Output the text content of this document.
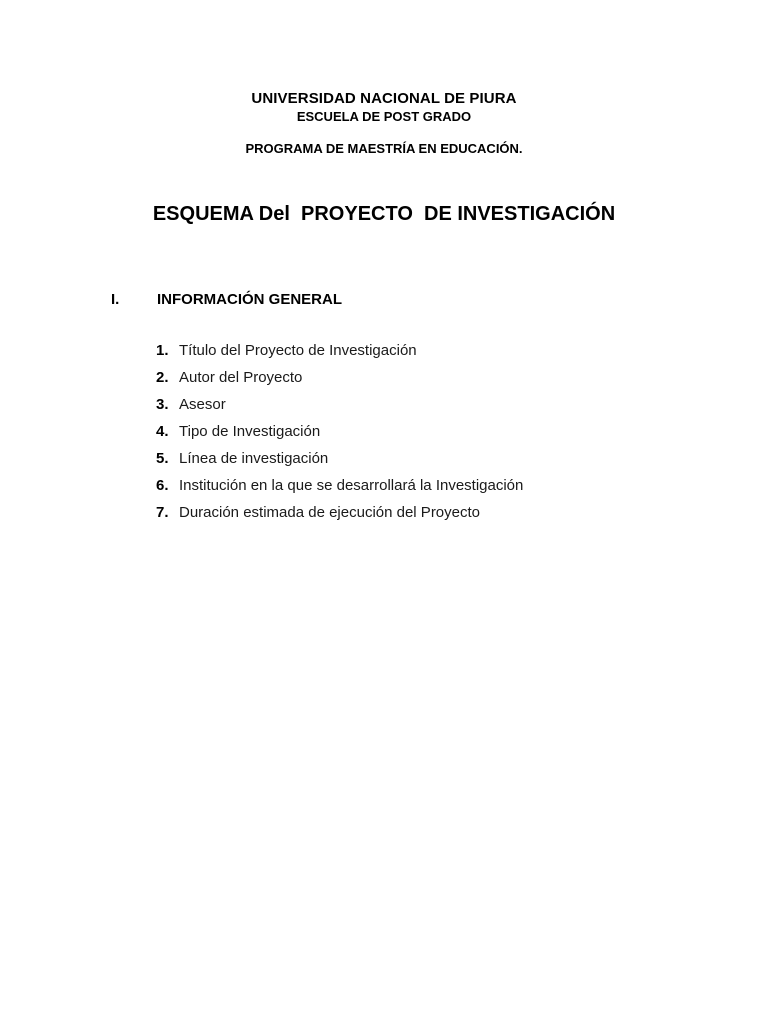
UNIVERSIDAD NACIONAL DE PIURA
ESCUELA DE POST GRADO
PROGRAMA DE MAESTRÍA EN EDUCACIÓN.
ESQUEMA Del  PROYECTO  DE INVESTIGACIÓN
I.	INFORMACIÓN GENERAL
1. Título del Proyecto de Investigación
2. Autor del Proyecto
3. Asesor
4. Tipo de Investigación
5. Línea de investigación
6. Institución en la que se desarrollará la Investigación
7. Duración estimada de ejecución del Proyecto
